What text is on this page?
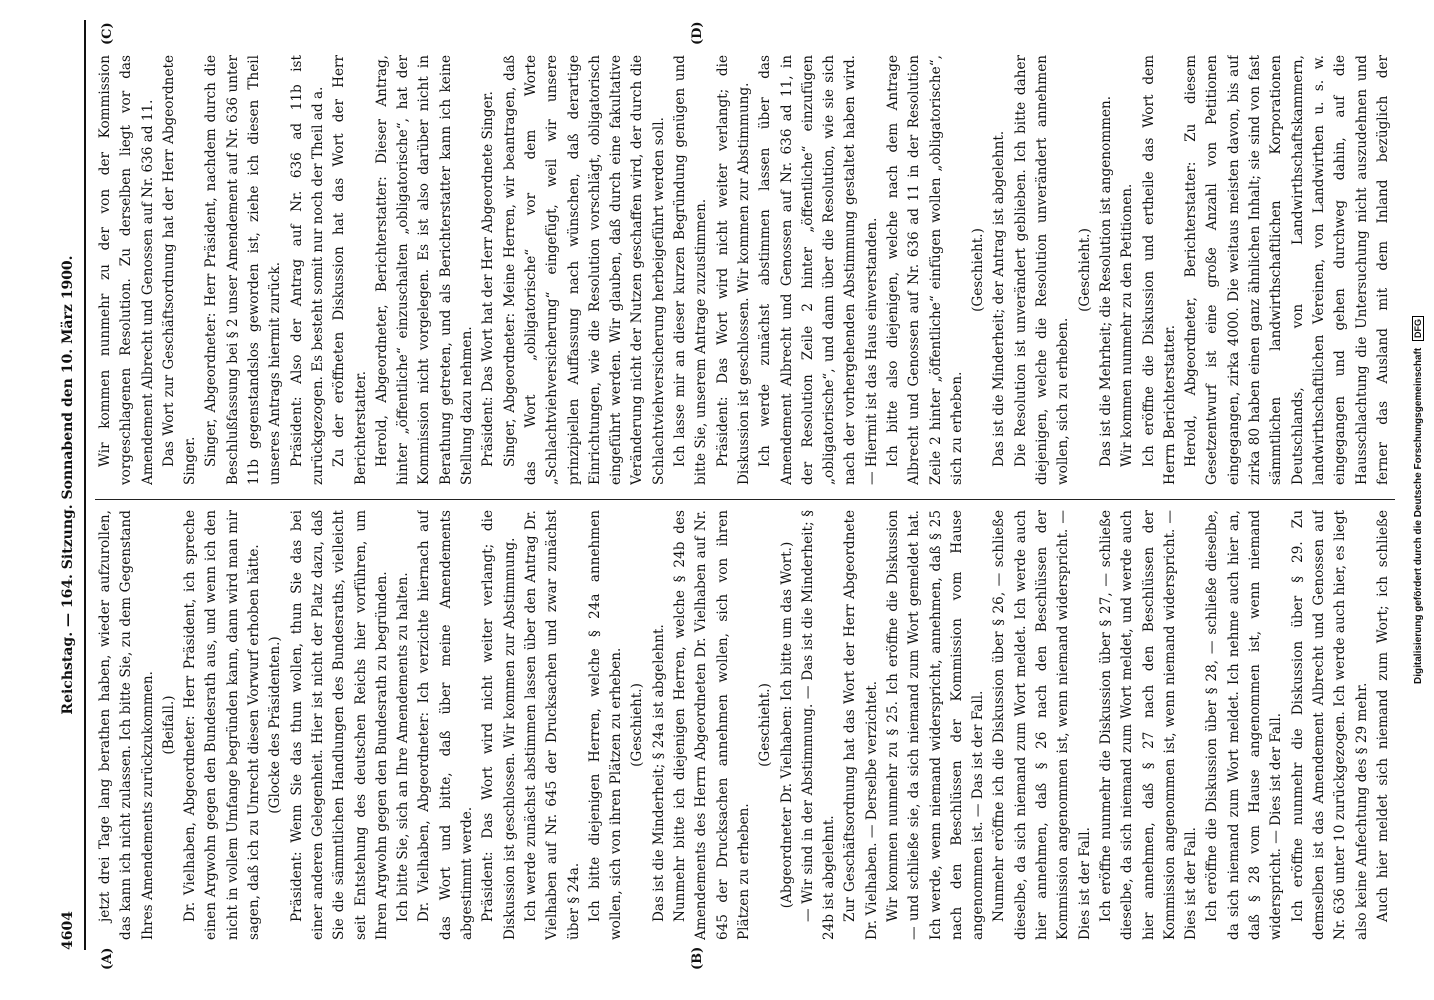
4604
Reichstag. — 164. Sitzung. Sonnabend den 10. März 1900.
(A)	(B)
(C)	(D)

jetzt drei Tage lang berathen haben, wieder aufzurollen, das kann ich nicht zulassen. Ich bitte Sie, zu dem Gegenstand Ihres Amendements zurückzukommen. (Beifall.) Dr. Vielhaben, Abgeordneter: Herr Präsident, ich spreche einen Argwohn gegen den Bundesrath aus, und wenn ich den nicht in vollem Umfange begründen kann, dann wird man mir sagen, daß ich zu Unrecht diesen Vorwurf erhoben hätte. (Glocke des Präsidenten.) Präsident: Wenn Sie das thun wollen, thun Sie das bei einer anderen Gelegenheit. Hier ist nicht der Platz dazu, daß Sie die sämmtlichen Handlungen des Bundesraths, vielleicht seit Entstehung des deutschen Reichs hier vorführen, um Ihren Argwohn gegen den Bundesrath zu begründen. Ich bitte Sie, sich an Ihre Amendements zu halten. Dr. Vielhaben, Abgeordneter: Ich verzichte hiernach auf das Wort und bitte, daß über meine Amendements abgestimmt werde. Präsident: Das Wort wird nicht weiter verlangt; die Diskussion ist geschlossen. Wir kommen zur Abstimmung. Ich werde zunächst abstimmen lassen über den Antrag Dr. Vielhaben auf Nr. 645 der Drucksachen und zwar zunächst über § 24a. Ich bitte diejenigen Herren, welche § 24a annehmen wollen, sich von ihren Plätzen zu erheben. (Geschieht.) Das ist die Minderheit; § 24a ist abgelehnt. Nunmehr bitte ich diejenigen Herren, welche § 24b des Amendements des Herrn Abgeordneten Dr. Vielhaben auf Nr. 645 der Drucksachen annehmen wollen, sich von ihren Plätzen zu erheben.

(Geschieht.) (Abgeordneter Dr. Vielhaben: Ich bitte um das Wort.) — Wir sind in der Abstimmung. — Das ist die Minderheit; § 24b ist abgelehnt. Zur Geschäftsordnung hat das Wort der Herr Abgeordnete Dr. Vielhaben. — Derselbe verzichtet. Wir kommen nunmehr zu § 25. Ich eröffne die Diskussion — und schließe sie, da sich niemand zum Wort gemeldet hat. Ich werde, wenn niemand widerspricht, annehmen, daß § 25 nach den Beschlüssen der Kommission vom Hause angenommen ist. — Das ist der Fall. Nunmehr eröffne ich die Diskussion über § 26, — schließe dieselbe, da sich niemand zum Wort meldet. Ich werde auch hier annehmen, daß § 26 nach den Beschlüssen der Kommission angenommen ist, wenn niemand widerspricht. — Dies ist der Fall. Ich eröffne nunmehr die Diskussion über § 27, — schließe dieselbe, da sich niemand zum Wort meldet, und werde auch hier annehmen, daß § 27 nach den Beschlüssen der Kommission angenommen ist, wenn niemand widerspricht. — Dies ist der Fall. Ich eröffne die Diskussion über § 28, — schließe dieselbe, da sich niemand zum Wort meldet. Ich nehme auch hier an, daß § 28 vom Hause angenommen ist, wenn niemand widerspricht. — Dies ist der Fall. Ich eröffne nunmehr die Diskussion über § 29. Zu demselben ist das Amendement Albrecht und Genossen auf Nr. 636 unter 10 zurückgezogen. Ich werde auch hier, es liegt also keine Anfechtung des § 29 mehr. Auch hier meldet sich niemand zum Wort; ich schließe

Wir kommen nunmehr zu der von der Kommission vorgeschlagenen Resolution. Zu derselben liegt vor das Amendement Albrecht und Genossen auf Nr. 636 ad 11. Das Wort zur Geschäftsordnung hat der Herr Abgeordnete Singer. Singer, Abgeordneter: Herr Präsident, nachdem durch die Beschlußfassung bei § 2 unser Amendement auf Nr. 636 unter 11b gegenstandslos geworden ist, ziehe ich diesen Theil unseres Antrags hiermit zurück. Präsident: Also der Antrag auf Nr. 636 ad 11b ist zurückgezogen. Es besteht somit nur noch der Theil ad a. Zu der eröffneten Diskussion hat das Wort der Herr Berichterstatter. Herold, Abgeordneter, Berichterstatter: Dieser Antrag, hinter „öffentliche“ einzuschalten „obligatorische“, hat der Kommission nicht vorgelegen. Es ist also darüber nicht in Berathung getreten, und als Berichterstatter kann ich keine Stellung dazu nehmen. Präsident: Das Wort hat der Herr Abgeordnete Singer. Singer, Abgeordneter: Meine Herren, wir beantragen, daß das Wort „obligatorische“ vor dem Worte „Schlachtviehversicherung“ eingefügt, weil wir unsere prinzipiellen Auffassung nach wünschen, daß derartige Einrichtungen, wie die Resolution vorschlägt, obligatorisch eingeführt werden. Wir glauben, daß durch eine fakultative Veränderung nicht der Nutzen geschaffen wird, der durch die Schlachtviehversicherung herbeigeführt werden soll. Ich lasse mir an dieser kurzen Begründung genügen und bitte Sie, unserem Antrage zuzustimmen. Präsident: Das Wort wird nicht weiter verlangt; die Diskussion ist geschlossen. Wir kommen zur Abstimmung. Ich werde zunächst abstimmen lassen über das Amendement Albrecht und Genossen auf Nr. 636 ad 11, in der Resolution Zeile 2 hinter „öffentliche“ einzufügen „obligatorische“, und dann über die Resolution, wie sie sich nach der vorhergehenden Abstimmung gestaltet haben wird. — Hiermit ist das Haus einverstanden. Ich bitte also diejenigen, welche nach dem Antrage Albrecht und Genossen auf Nr. 636 ad 11 in der Resolution Zeile 2 hinter „öffentliche“ einfügen wollen „obligatorische“, sich zu erheben.

(Geschieht.) Das ist die Minderheit; der Antrag ist abgelehnt. Die Resolution ist unverändert geblieben. Ich bitte daher diejenigen, welche die Resolution unverändert annehmen wollen, sich zu erheben.

(Geschieht.) Das ist die Mehrheit; die Resolution ist angenommen. Wir kommen nunmehr zu den Petitionen. Ich eröffne die Diskussion und ertheile das Wort dem Herrn Berichterstatter. Herold, Abgeordneter, Berichterstatter: Zu diesem Gesetzentwurf ist eine große Anzahl von Petitionen eingegangen, zirka 4000. Die weitaus meisten davon, bis auf zirka 80 haben einen ganz ähnlichen Inhalt; sie sind von fast sämmtlichen landwirthschaftlichen Korporationen Deutschlands, von Landwirthschaftskammern, landwirthschaftlichen Vereinen, von Landwirthen u. s. w. eingegangen und gehen durchweg dahin, auf die Hausschlachtung die Untersuchung nicht auszudehnen und ferner das Ausland mit dem Inland bezüglich der

Digitalisierung gefördert durch die Deutsche Forschungsgemeinschaft DFG
